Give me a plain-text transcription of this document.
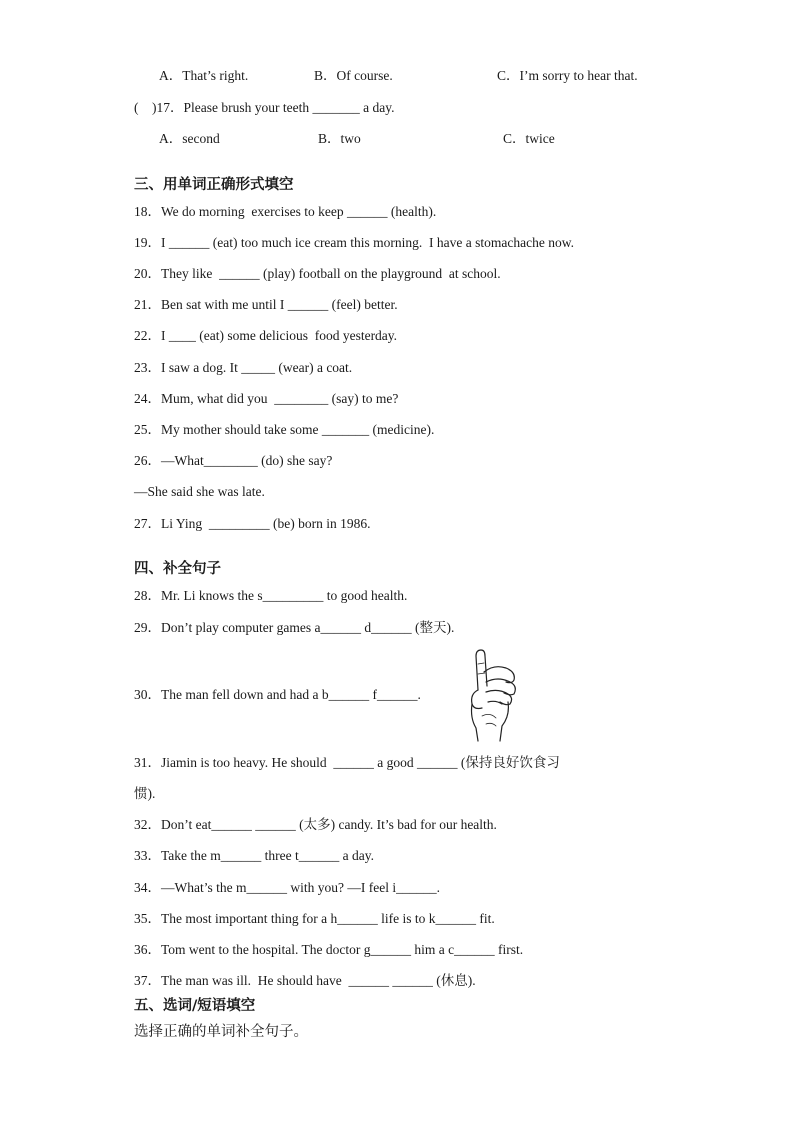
A．That’s right.	B．Of course.	C．I’m sorry to hear that.
(    )17．Please brush your teeth _______ a day.
A．second	B．two	C．twice
三、用单词正确形式填空
18．We do morning  exercises to keep ______ (health).
19．I ______ (eat) too much ice cream this morning.  I have a stomachache now.
20．They like  ______ (play) football on the playground  at school.
21．Ben sat with me until I ______ (feel) better.
22．I ____ (eat) some delicious  food yesterday.
23．I saw a dog. It _____ (wear) a coat.
24．Mum, what did you  ________ (say) to me?
25．My mother should take some _______ (medicine).
26．—What________ (do) she say?
—She said she was late.
27．Li Ying  _________ (be) born in 1986.
四、补全句子
28．Mr. Li knows the s_________ to good health.
29．Don’t play computer games a______ d______ (整天).
30．The man fell down and had a b______ f______.
31．Jiamin is too heavy. He should  ______ a good ______ (保持良好饮食习
惯).
32．Don’t eat______ ______ (太多) candy. It’s bad for our health.
33．Take the m______ three t______ a day.
34．—What’s the m______ with you? —I feel i______.
35．The most important thing for a h______ life is to k______ fit.
36．Tom went to the hospital. The doctor g______ him a c______ first.
37．The man was ill.  He should have  ______ ______ (休息).
五、选词/短语填空
选择正确的单词补全句子。
